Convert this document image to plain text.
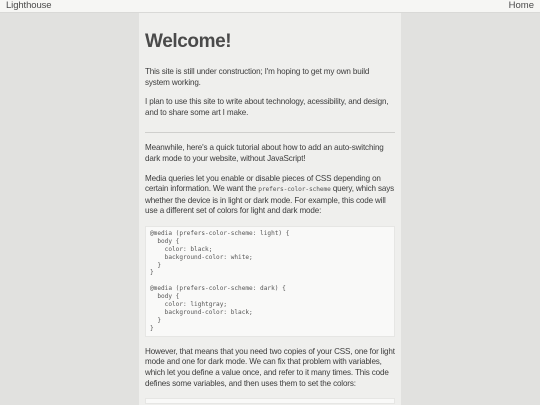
Lighthouse	Home
Welcome!

This site is still under construction; I'm hoping to get my own build system working.

I plan to use this site to write about technology, acessibility, and design, and to share some art I make.

Meanwhile, here's a quick tutorial about how to add an auto-switching dark mode to your website, without JavaScript!

Media queries let you enable or disable pieces of CSS depending on certain information. We want the prefers-color-scheme query, which says whether the device is in light or dark mode. For example, this code will use a different set of colors for light and dark mode:

@media (prefers-color-scheme: light) {
body {
color: black;
background-color: white;
}
}

@media (prefers-color-scheme: dark) {
body {
color: lightgray;
background-color: black;
}
}

However, that means that you need two copies of your CSS, one for light mode and one for dark mode. We can fix that problem with variables, which let you define a value once, and refer to it many times. This code defines some variables, and then uses them to set the colors:
